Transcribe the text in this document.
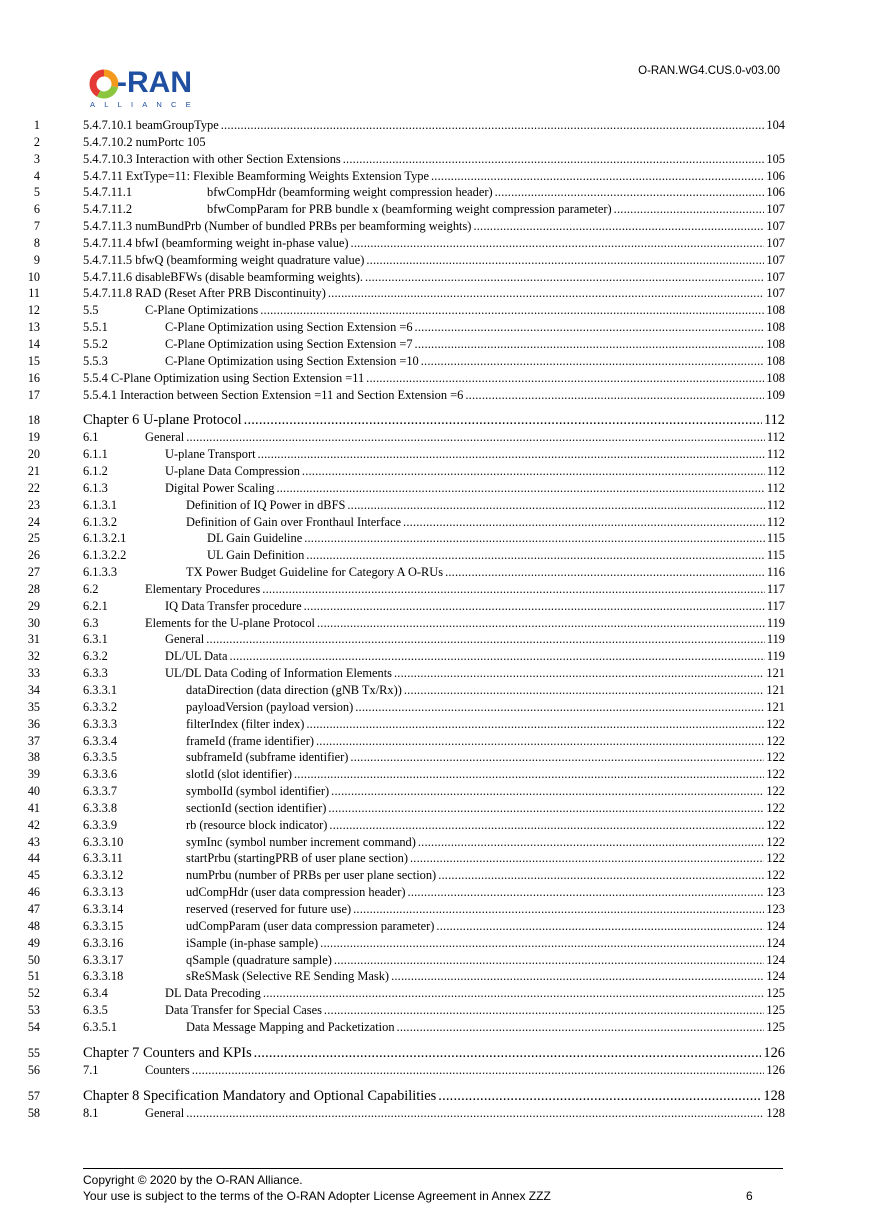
O-RAN.WG4.CUS.0-v03.00
-RAN
ALLIANCE
1	5.4.7.10.1 beamGroupType .....	104
2	5.4.7.10.2 numPortc 105
3	5.4.7.10.3 Interaction with other Section Extensions .....	105
4	5.4.7.11 ExtType=11: Flexible Beamforming Weights Extension Type .....	106
5	5.4.7.11.1	bfwCompHdr (beamforming weight compression header) .....	106
6	5.4.7.11.2	bfwCompParam for PRB bundle x (beamforming weight compression parameter) .....	107
7	5.4.7.11.3 numBundPrb (Number of bundled PRBs per beamforming weights) .....	107
8	5.4.7.11.4 bfwI (beamforming weight in-phase value) .....	107
9	5.4.7.11.5 bfwQ (beamforming weight quadrature value) .....	107
10	5.4.7.11.6 disableBFWs (disable beamforming weights). .....	107
11	5.4.7.11.8 RAD (Reset After PRB Discontinuity) .....	107
12	5.5	C-Plane Optimizations .....	108
13	5.5.1	C-Plane Optimization using Section Extension =6 .....	108
14	5.5.2	C-Plane Optimization using Section Extension =7 .....	108
15	5.5.3	C-Plane Optimization using Section Extension =10 .....	108
16	5.5.4 C-Plane Optimization using Section Extension =11 .....	108
17	5.5.4.1 Interaction between Section Extension =11 and Section Extension =6 .....	109
18	Chapter 6 U-plane Protocol .....	112
19	6.1	General .....	112
20	6.1.1	U-plane Transport .....	112
21	6.1.2	U-plane Data Compression .....	112
22	6.1.3	Digital Power Scaling .....	112
23	6.1.3.1	Definition of IQ Power in dBFS .....	112
24	6.1.3.2	Definition of Gain over Fronthaul Interface .....	112
25	6.1.3.2.1	DL Gain Guideline .....	115
26	6.1.3.2.2	UL Gain Definition .....	115
27	6.1.3.3	TX Power Budget Guideline for Category A O-RUs .....	116
28	6.2	Elementary Procedures .....	117
29	6.2.1	IQ Data Transfer procedure .....	117
30	6.3	Elements for the U-plane Protocol .....	119
31	6.3.1	General .....	119
32	6.3.2	DL/UL Data .....	119
33	6.3.3	UL/DL Data Coding of Information Elements .....	121
34	6.3.3.1	dataDirection (data direction (gNB Tx/Rx)) .....	121
35	6.3.3.2	payloadVersion (payload version) .....	121
36	6.3.3.3	filterIndex (filter index) .....	122
37	6.3.3.4	frameId (frame identifier) .....	122
38	6.3.3.5	subframeId (subframe identifier) .....	122
39	6.3.3.6	slotId (slot identifier) .....	122
40	6.3.3.7	symbolId (symbol identifier) .....	122
41	6.3.3.8	sectionId (section identifier) .....	122
42	6.3.3.9	rb (resource block indicator) .....	122
43	6.3.3.10	symInc (symbol number increment command) .....	122
44	6.3.3.11	startPrbu (startingPRB of user plane section) .....	122
45	6.3.3.12	numPrbu (number of PRBs per user plane section) .....	122
46	6.3.3.13	udCompHdr (user data compression header) .....	123
47	6.3.3.14	reserved (reserved for future use) .....	123
48	6.3.3.15	udCompParam (user data compression parameter) .....	124
49	6.3.3.16	iSample (in-phase sample) .....	124
50	6.3.3.17	qSample (quadrature sample) .....	124
51	6.3.3.18	sReSMask (Selective RE Sending Mask) .....	124
52	6.3.4	DL Data Precoding .....	125
53	6.3.5	Data Transfer for Special Cases .....	125
54	6.3.5.1	Data Message Mapping and Packetization .....	125
55	Chapter 7 Counters and KPIs .....	126
56	7.1	Counters .....	126
57	Chapter 8 Specification Mandatory and Optional Capabilities .....	128
58	8.1	General .....	128
Copyright © 2020 by the O-RAN Alliance.
Your use is subject to the terms of the O-RAN Adopter License Agreement in Annex ZZZ	6
